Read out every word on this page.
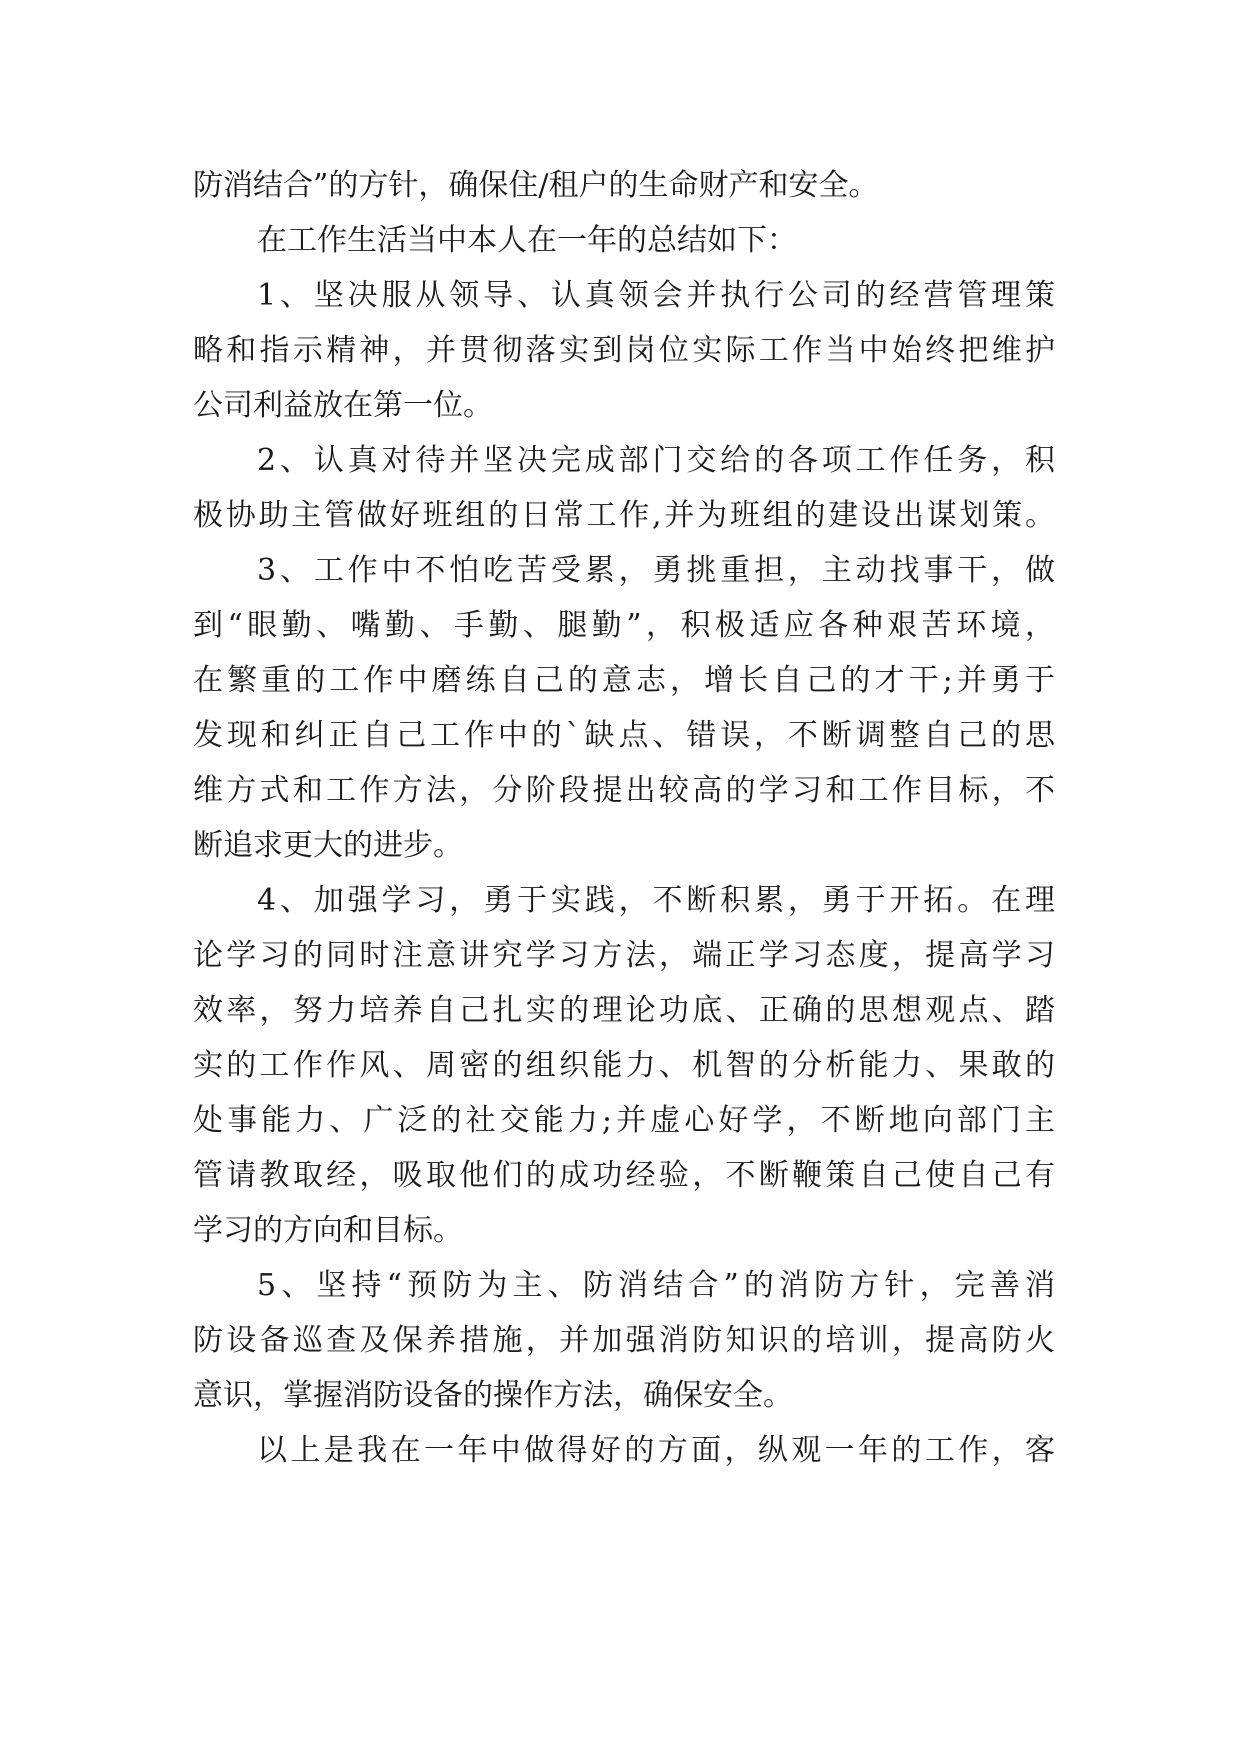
防消结合”的方针，确保住/租户的生命财产和安全。
在工作生活当中本人在一年的总结如下：
1、坚决服从领导、认真领会并执行公司的经营管理策
略和指示精神，并贯彻落实到岗位实际工作当中始终把维护
公司利益放在第一位。
2、认真对待并坚决完成部门交给的各项工作任务，积
极协助主管做好班组的日常工作,并为班组的建设出谋划策。
3、工作中不怕吃苦受累，勇挑重担，主动找事干，做
到“眼勤、嘴勤、手勤、腿勤”，积极适应各种艰苦环境，
在繁重的工作中磨练自己的意志，增长自己的才干;并勇于
发现和纠正自己工作中的`缺点、错误，不断调整自己的思
维方式和工作方法，分阶段提出较高的学习和工作目标，不
断追求更大的进步。
4、加强学习，勇于实践，不断积累，勇于开拓。在理
论学习的同时注意讲究学习方法，端正学习态度，提高学习
效率，努力培养自己扎实的理论功底、正确的思想观点、踏
实的工作作风、周密的组织能力、机智的分析能力、果敢的
处事能力、广泛的社交能力;并虚心好学，不断地向部门主
管请教取经，吸取他们的成功经验，不断鞭策自己使自己有
学习的方向和目标。
5、坚持“预防为主、防消结合”的消防方针，完善消
防设备巡查及保养措施，并加强消防知识的培训，提高防火
意识，掌握消防设备的操作方法，确保安全。
以上是我在一年中做得好的方面，纵观一年的工作，客
